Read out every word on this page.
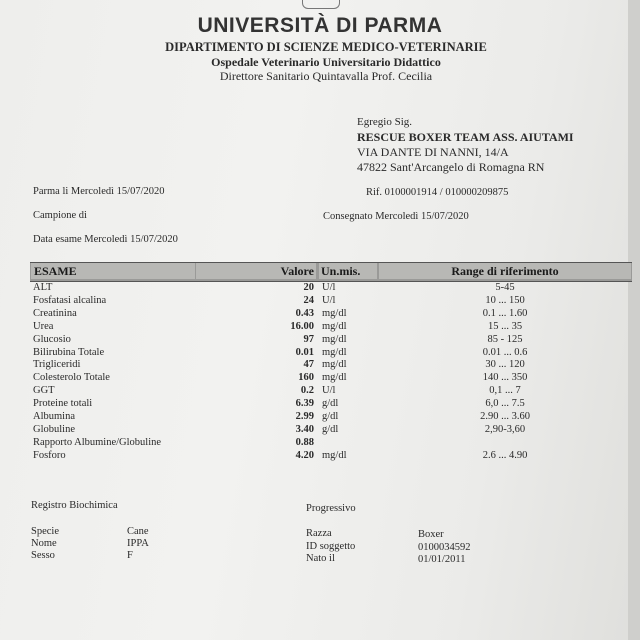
UNIVERSITÀ DI PARMA
DIPARTIMENTO DI SCIENZE MEDICO-VETERINARIE
Ospedale Veterinario Universitario Didattico
Direttore Sanitario Quintavalla Prof. Cecilia
Egregio Sig.
RESCUE BOXER TEAM ASS. AIUTAMI
VIA DANTE DI NANNI, 14/A
47822 Sant'Arcangelo di Romagna RN
Parma li Mercoledì 15/07/2020	Rif. 0100001914 / 010000209875
Campione di	Consegnato Mercoledì 15/07/2020
Data esame Mercoledì 15/07/2020
ESAME	Valore Un.mis.	Range di riferimento
ALT	20 U/l	5-45
Fosfatasi alcalina	24 U/l	10 ... 150
Creatinina	0.43 mg/dl	0.1 ... 1.60
Urea	16.00 mg/dl	15 ... 35
Glucosio	97 mg/dl	85 - 125
Bilirubina Totale	0.01 mg/dl	0.01 ... 0.6
Trigliceridi	47 mg/dl	30 ... 120
Colesterolo Totale	160 mg/dl	140 ... 350
GGT	0.2 U/l	0,1 ... 7
Proteine totali	6.39 g/dl	6,0 ... 7.5
Albumina	2.99 g/dl	2.90 ... 3.60
Globuline	3.40 g/dl	2,90-3,60
Rapporto Albumine/Globuline	0.88
Fosforo	4.20 mg/dl	2.6 ... 4.90
Registro Biochimica	Progressivo
Specie	Cane
Nome	IPPA
Sesso	F
Razza	Boxer
ID soggetto	0100034592
Nato il	01/01/2011
